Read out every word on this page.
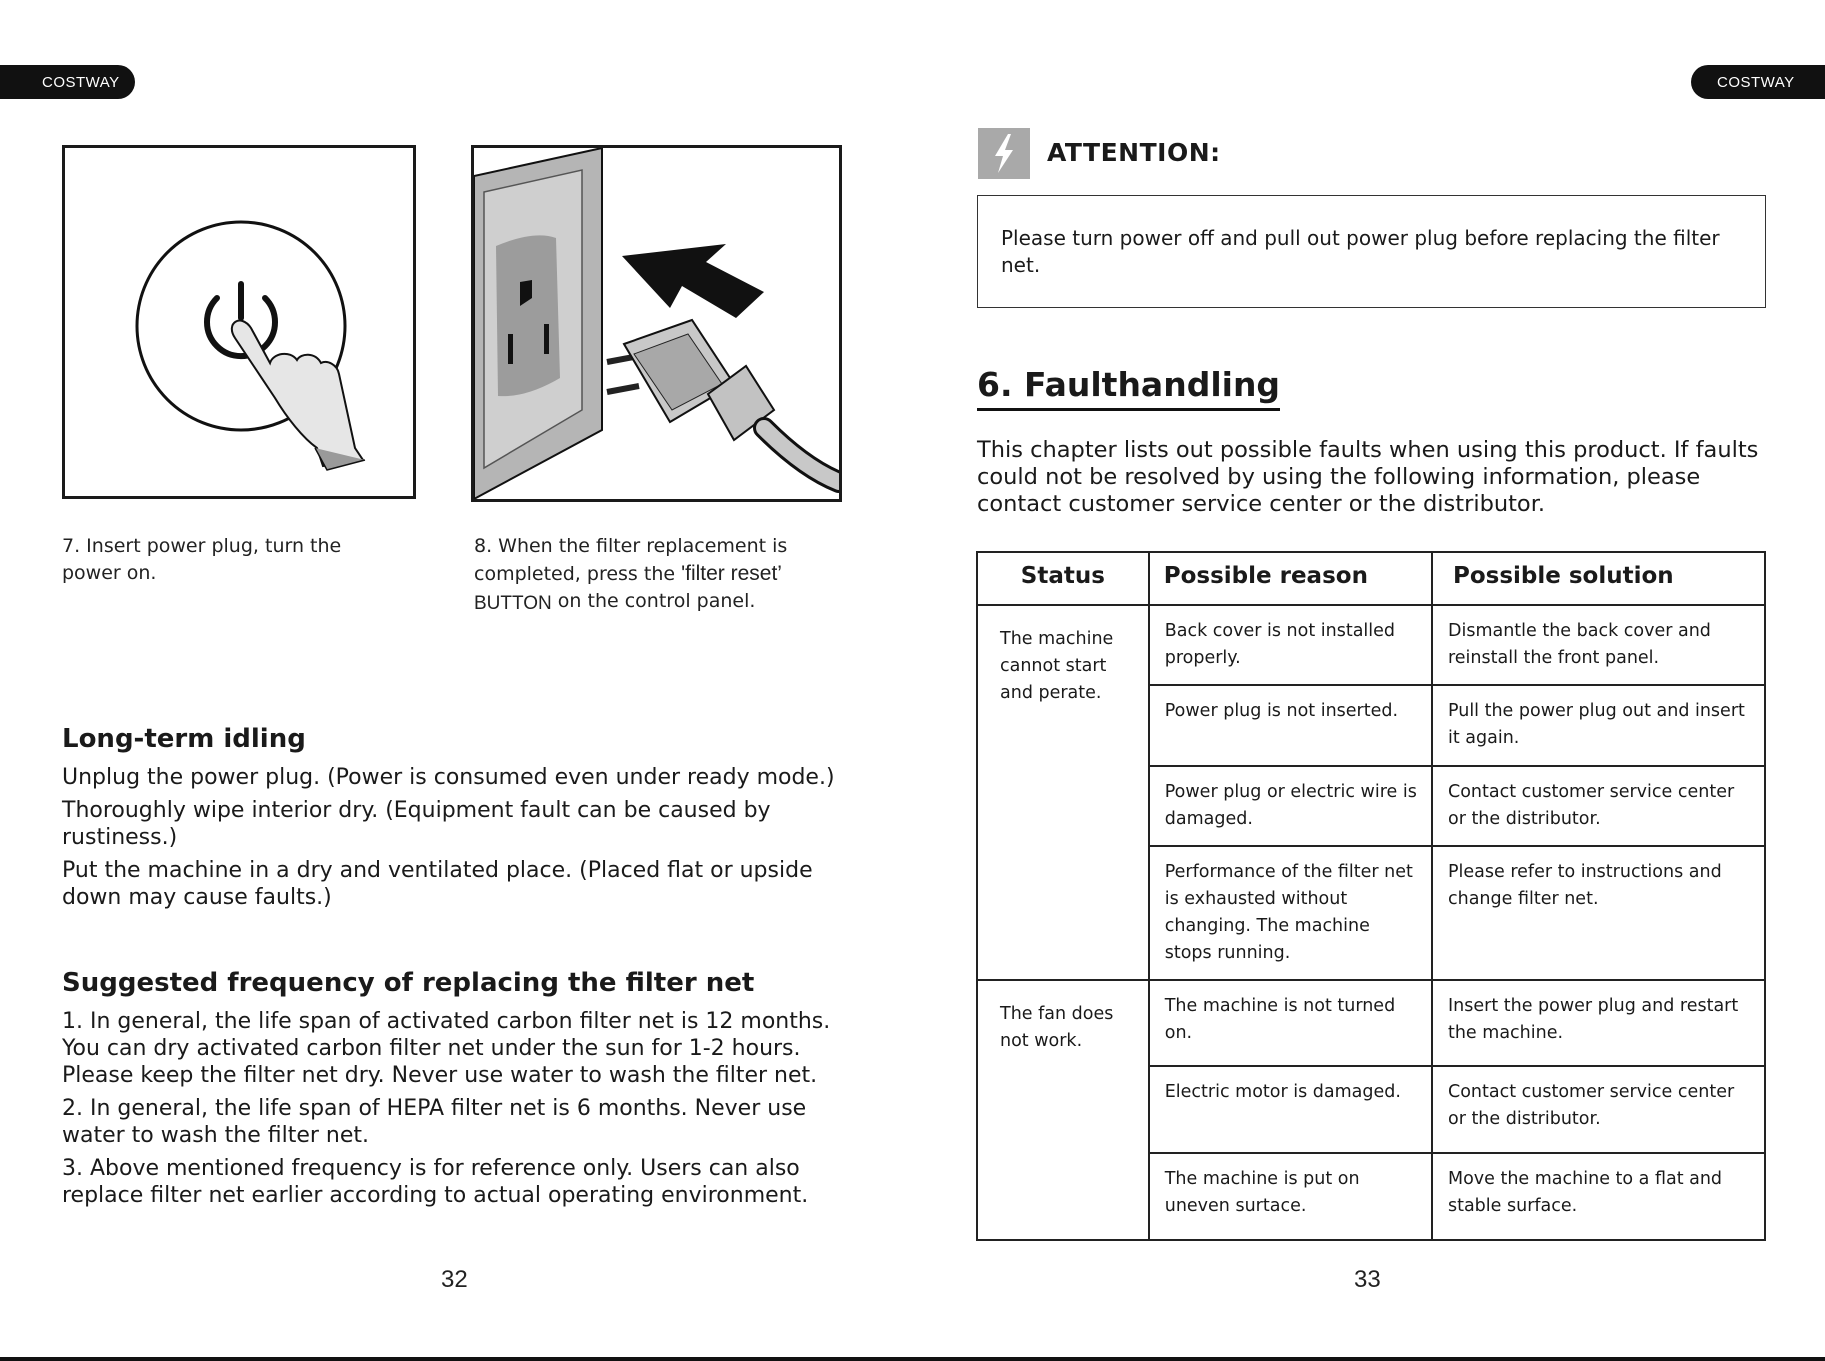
COSTWAY	COSTWAY
7. Insert power plug, turn the power on.
8. When the filter replacement is completed, press the 'filter reset’
BUTTON on the control panel.
Long-term idling

Unplug the power plug. (Power is consumed even under ready mode.)

Thoroughly wipe interior dry. (Equipment fault can be caused by rustiness.)

Put the machine in a dry and ventilated place. (Placed flat or upside down may cause faults.)

Suggested frequency of replacing the filter net

1. In general, the life span of activated carbon filter net is 12 months. You can dry activated carbon filter net under the sun for 1-2 hours. Please keep the filter net dry. Never use water to wash the filter net.

2. In general, the life span of HEPA filter net is 6 months. Never use water to wash the filter net.

3. Above mentioned frequency is for reference only. Users can also replace filter net earlier according to actual operating environment.

32
ATTENTION:
Please turn power off and pull out power plug before replacing the filter net.
6. Faulthandling
This chapter lists out possible faults when using this product. If faults could not be resolved by using the following information, please contact customer service center or the distributor.
Status	Possible reason	Possible solution
The machine cannot start and perate.	Back cover is not installed properly.	Dismantle the back cover and reinstall the front panel.
	Power plug is not inserted.	Pull the power plug out and insert it again.
	Power plug or electric wire is damaged.	Contact customer service center or the distributor.
	Performance of the filter net is exhausted without changing. The machine stops running.	Please refer to instructions and change filter net.
The fan does not work.	The machine is not turned on.	Insert the power plug and restart the machine.
	Electric motor is damaged.	Contact customer service center or the distributor.
	The machine is put on uneven surtace.	Move the machine to a flat and stable surface.
33
